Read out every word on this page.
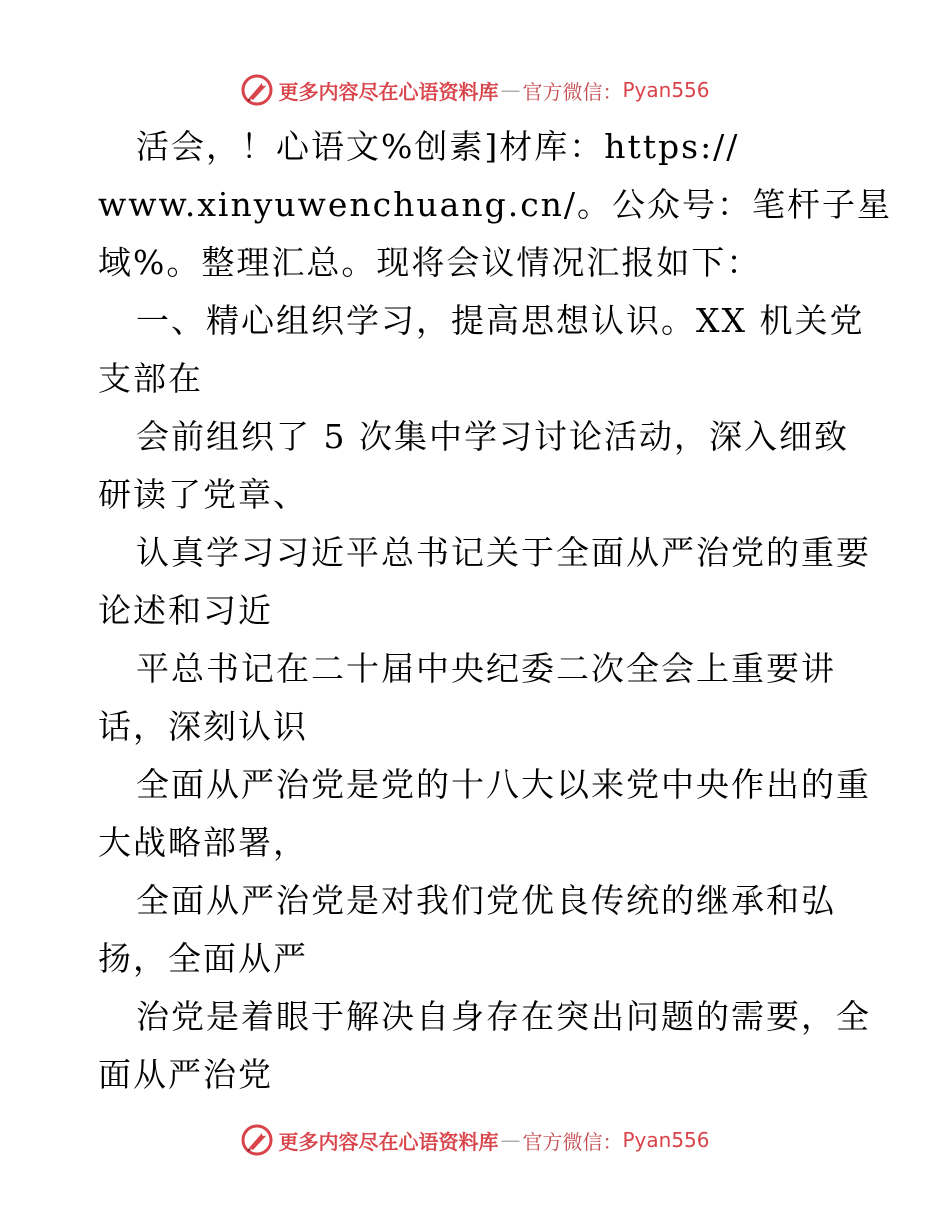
更多内容尽在心语资料库 — 官方微信： Pyan556
活会，！心语文%创素]材库：https://
www.xinyuwenchuang.cn/。公众号：笔杆子星
域%。整理汇总。现将会议情况汇报如下：
一、精心组织学习，提高思想认识。XX 机关党
支部在
会前组织了 5 次集中学习讨论活动，深入细致
研读了党章、
认真学习习近平总书记关于全面从严治党的重要
论述和习近
平总书记在二十届中央纪委二次全会上重要讲
话，深刻认识
全面从严治党是党的十八大以来党中央作出的重
大战略部署，
全面从严治党是对我们党优良传统的继承和弘
扬，全面从严
治党是着眼于解决自身存在突出问题的需要，全
面从严治党
更多内容尽在心语资料库 — 官方微信： Pyan556
